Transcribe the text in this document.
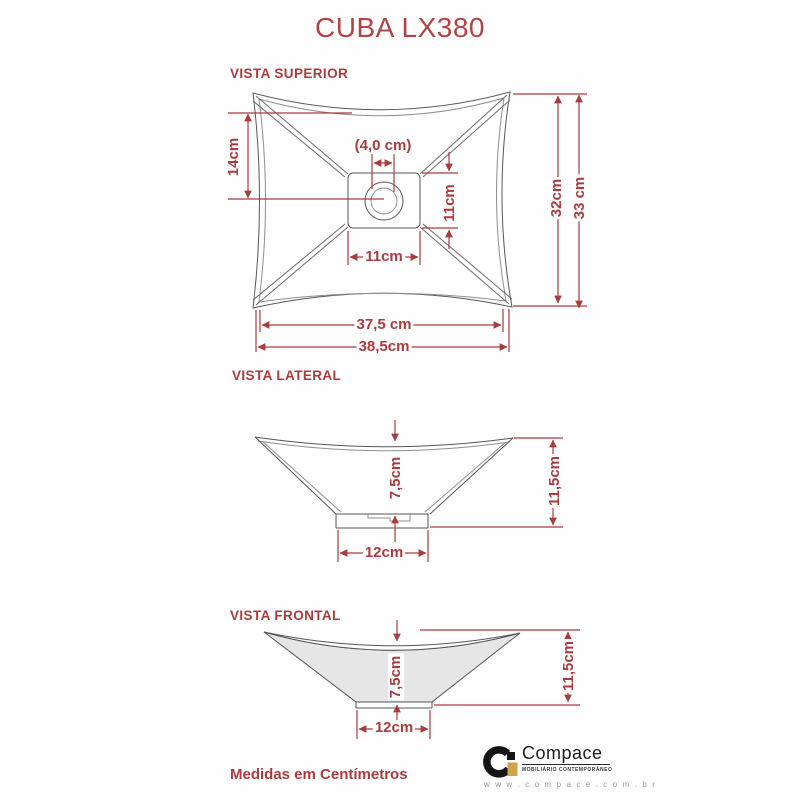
CUBA LX380
VISTA SUPERIOR
VISTA LATERAL
VISTA FRONTAL
14cm	(4,0 cm)
11cm
11cm
37,5 cm
38,5cm
32cm 33 cm
7,5cm	11,5cm
12cm
7,5cm	11,5cm
12cm
Medidas em Centímetros
Compace
MOBILIÁRIO CONTEMPORÂNEO
w w w . c o m p a c e . c o m . b r
